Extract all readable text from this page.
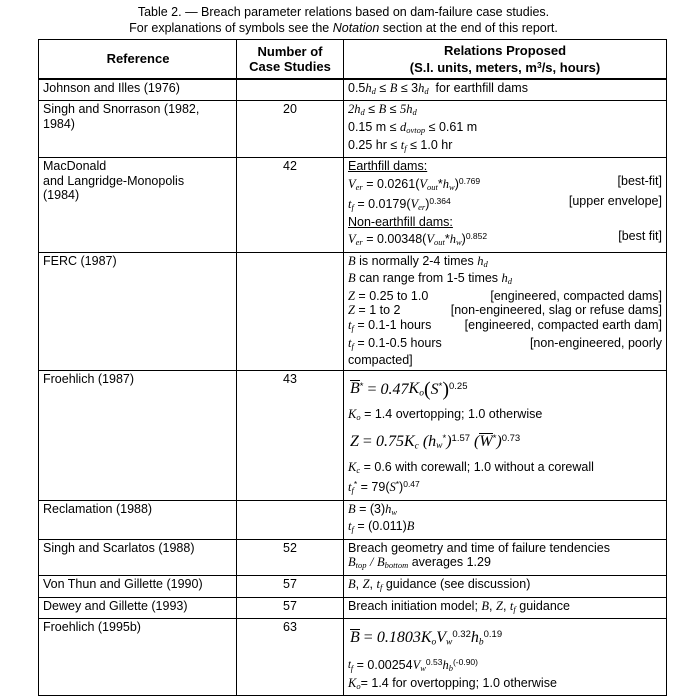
Table 2. — Breach parameter relations based on dam-failure case studies.
For explanations of symbols see the Notation section at the end of this report.
Reference	Number of
Case Studies	Relations Proposed
(S.I. units, meters, $m^3/s$, hours)
Johnson and Illes (1976)		$0.5h_d \le B \le 3h_d$  for earthfill dams

Singh and Snorrason (1982, 1984)	20	$2h_d \le B \le 5h_d$
0.15 $m \le d_{ovtop} \le 0.61$ m
0.25 hr ≤ $t_f \le 1.0$ hr

MacDonald
and Langridge-Monopolis
(1984)	42	Earthfill dams:
$V_{er} = 0.0261(V_{out}*h_w)^{0.769}$	[best-fit]
$t_f = 0.0179(V_{er})^{0.364}$	[upper envelope]
Non-earthfill dams:
$V_{er} = 0.00348(V_{out}*h_w)^{0.852}$	[best fit]

FERC (1987)		B is normally 2-4 times $h_d$
B can range from 1-5 times $h_d$
Z = 0.25 to 1.0	[engineered, compacted dams]
Z = 1 to 2	[non-engineered, slag or refuse dams]
$t_f = 0.1-1$ hours	[engineered, compacted earth dam]
$t_f = 0.1-0.5$ hours	[non-engineered, poorly

compacted]

Froehlich (1987)	43	$B^* = 0.47K_o(S^*)^{0.25}$
$K_o = 1.4$ overtopping; 1.0 otherwise
$Z = 0.75K_c$ $(h_w^*)^{1.57}$ $(W^*)^{0.73}$
$K_c = 0.6$ with corewall; 1.0 without a corewall
$t_f^* = 79(S^*)^{0.47}$

Reclamation (1988)		$B = (3)h_w$
$t_f = (0.011)B$

Singh and Scarlatos (1988)	52	Breach geometry and time of failure tendencies
$B_{top} / B_{bottom}$ averages 1.29

Von Thun and Gillette (1990)	57	B, Z, $t_f$ guidance (see discussion)

Dewey and Gillette (1993)	57	Breach initiation model; B, Z, $t_f$ guidance

Froehlich (1995b)	63	$B = 0.1803K_oV_w^{0.32}h_b^{0.19}$
$^t_f = 0.00254V_w^{0.53}h_b^{(-0.90)}$
$K_o= 1.4$ for overtopping; 1.0 otherwise
